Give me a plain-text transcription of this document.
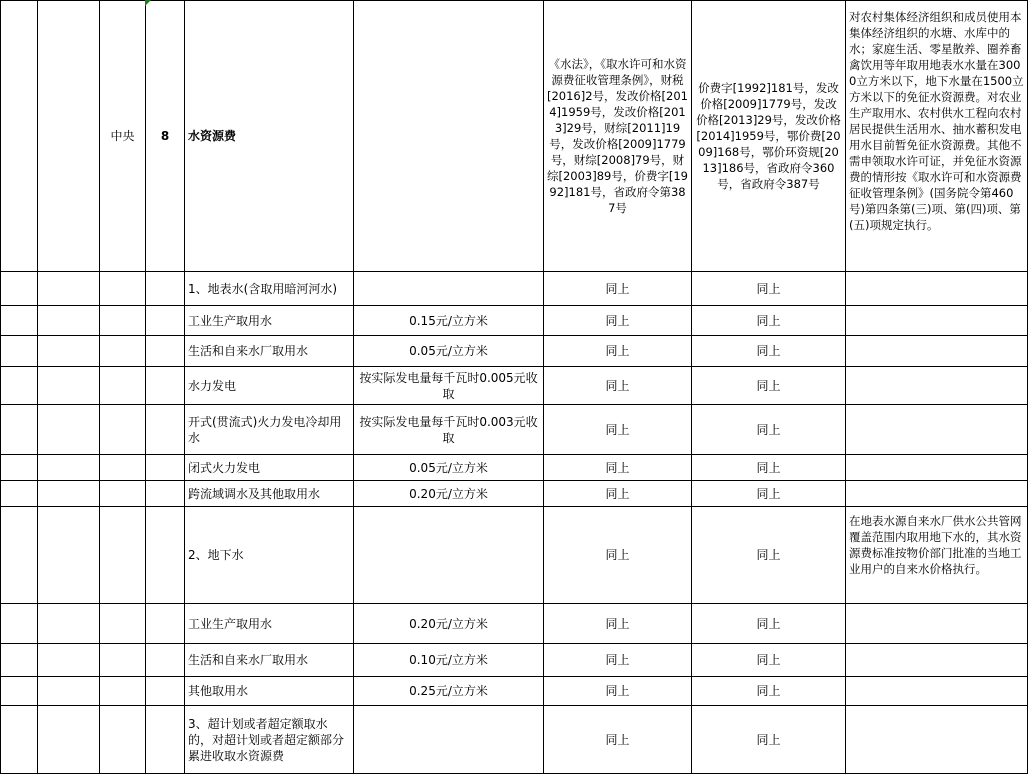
		中央	8	水资源费		《水法》，《取水许可和水资源费征收管理条例》，财税[2016]2号，发改价格[2014]1959号，发改价格[2013]29号，财综[2011]19号，发改价格[2009]1779号，财综[2008]79号，财综[2003]89号，价费字[1992]181号，省政府令第387号	价费字[1992]181号，发改价格[2009]1779号，发改价格[2013]29号，发改价格[2014]1959号，鄂价费[2009]168号，鄂价环资规[2013]186号，省政府令360号，省政府令387号	对农村集体经济组织和成员使用本集体经济组织的水塘、水库中的水；家庭生活、零星散养、圈养畜禽饮用等年取用地表水水量在3000立方米以下，地下水量在1500立方米以下的免征水资源费。对农业生产取用水、农村供水工程向农村居民提供生活用水、抽水蓄积发电用水目前暂免征水资源费。其他不需申领取水许可证，并免征水资源费的情形按《取水许可和水资源费征收管理条例》(国务院令第460号)第四条第(三)项、第(四)项、第(五)项规定执行。
				1、地表水(含取用暗河河水)		同上	同上	
				工业生产取用水	0.15元/立方米	同上	同上	
				生活和自来水厂取用水	0.05元/立方米	同上	同上	
				水力发电	按实际发电量每千瓦时0.005元收取	同上	同上	
				开式(贯流式)火力发电冷却用水	按实际发电量每千瓦时0.003元收取	同上	同上	
				闭式火力发电	0.05元/立方米	同上	同上	
				跨流域调水及其他取用水	0.20元/立方米	同上	同上	
				2、地下水		同上	同上	在地表水源自来水厂供水公共管网覆盖范围内取用地下水的，其水资源费标准按物价部门批准的当地工业用户的自来水价格执行。
				工业生产取用水	0.20元/立方米	同上	同上	
				生活和自来水厂取用水	0.10元/立方米	同上	同上	
				其他取用水	0.25元/立方米	同上	同上	
				3、超计划或者超定额取水的，对超计划或者超定额部分累进收取水资源费		同上	同上	
